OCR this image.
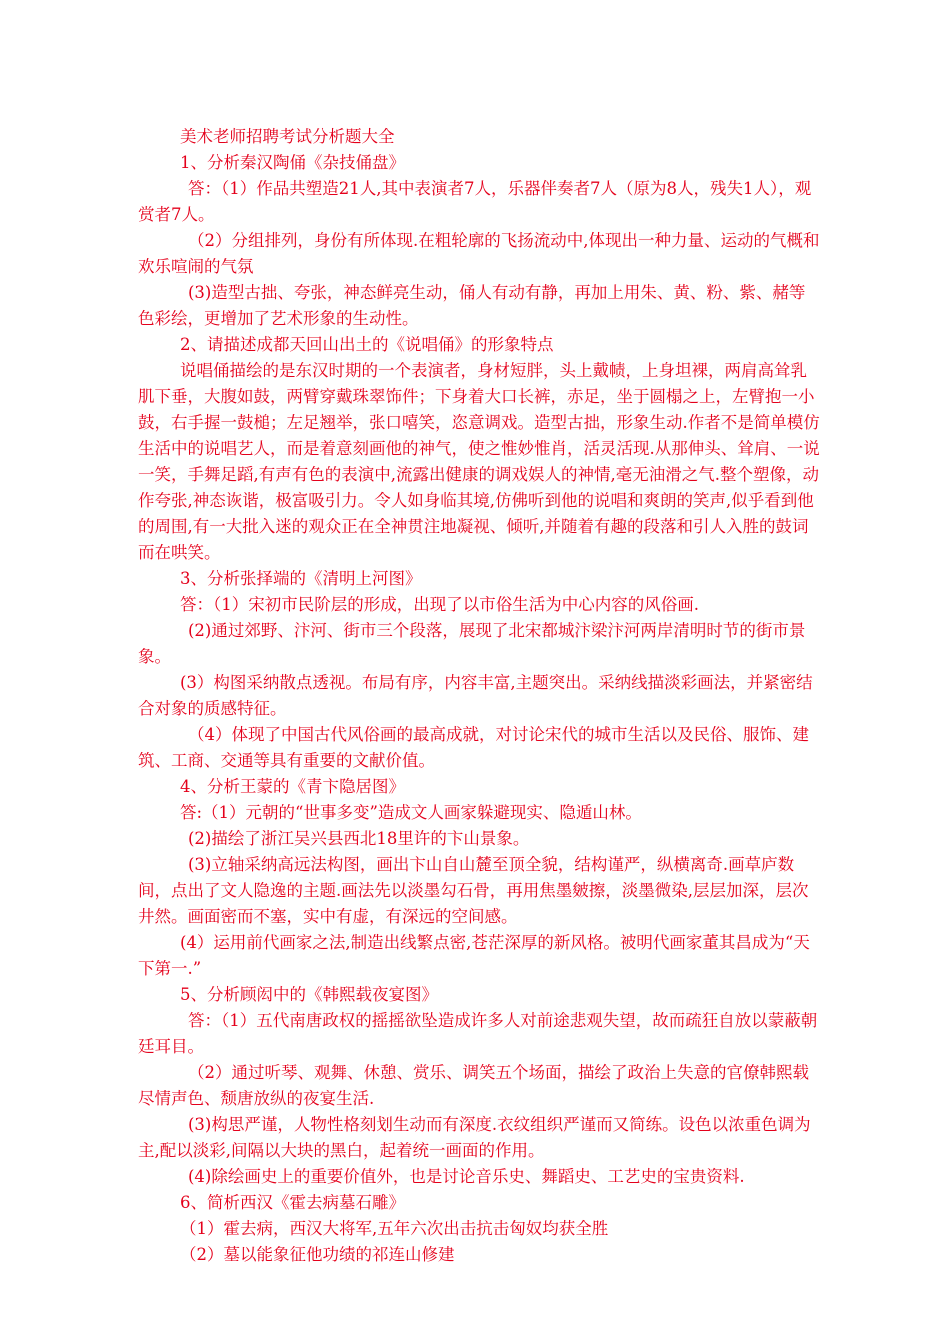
美术老师招聘考试分析题大全

1、分析秦汉陶俑《杂技俑盘》

答：（1）作品共塑造21人,其中表演者7人，乐器伴奏者7人（原为8人，残失1人），观赏者7人。

（2）分组排列，身份有所体现.在粗轮廓的飞扬流动中,体现出一种力量、运动的气概和欢乐喧闹的气氛

(3)造型古拙、夸张，神态鲜亮生动，俑人有动有静，再加上用朱、黄、粉、紫、赭等色彩绘，更增加了艺术形象的生动性。

2、请描述成都天回山出土的《说唱俑》的形象特点

说唱俑描绘的是东汉时期的一个表演者，身材短胖，头上戴帻，上身坦裸，两肩高耸乳肌下垂，大腹如鼓，两臂穿戴珠翠饰件；下身着大口长裤，赤足，坐于圆榻之上，左臂抱一小鼓，右手握一鼓槌；左足翘举，张口嘻笑，恣意调戏。造型古拙，形象生动.作者不是简单模仿生活中的说唱艺人，而是着意刻画他的神气，使之惟妙惟肖，活灵活现.从那伸头、耸肩、一说一笑，手舞足蹈,有声有色的表演中,流露出健康的调戏娱人的神情,毫无油滑之气.整个塑像，动作夸张,神态诙谐，极富吸引力。令人如身临其境,仿佛听到他的说唱和爽朗的笑声,似乎看到他的周围,有一大批入迷的观众正在全神贯注地凝视、倾听,并随着有趣的段落和引人入胜的鼓词而在哄笑。

3、分析张择端的《清明上河图》

答：（1）宋初市民阶层的形成，出现了以市俗生活为中心内容的风俗画.

(2)通过郊野、汴河、街市三个段落，展现了北宋都城汴梁汴河两岸清明时节的街市景象。

(3）构图采纳散点透视。布局有序，内容丰富,主题突出。采纳线描淡彩画法，并紧密结合对象的质感特征。

（4）体现了中国古代风俗画的最高成就，对讨论宋代的城市生活以及民俗、服饰、建筑、工商、交通等具有重要的文献价值。

4、分析王蒙的《青卞隐居图》

答:（1）元朝的“世事多变”造成文人画家躲避现实、隐遁山林。

(2)描绘了浙江吴兴县西北18里许的卞山景象。

(3)立轴采纳高远法构图，画出卞山自山麓至顶全貌，结构谨严，纵横离奇.画草庐数间，点出了文人隐逸的主题.画法先以淡墨勾石骨，再用焦墨皴擦，淡墨微染,层层加深，层次井然。画面密而不塞，实中有虚，有深远的空间感。

(4）运用前代画家之法,制造出线繁点密,苍茫深厚的新风格。被明代画家董其昌成为“天下第一.”

5、分析顾闳中的《韩熙载夜宴图》

答：（1）五代南唐政权的摇摇欲坠造成许多人对前途悲观失望，故而疏狂自放以蒙蔽朝廷耳目。

（2）通过听琴、观舞、休憩、赏乐、调笑五个场面，描绘了政治上失意的官僚韩熙载尽情声色、颓唐放纵的夜宴生活.

(3)构思严谨，人物性格刻划生动而有深度.衣纹组织严谨而又简练。设色以浓重色调为主,配以淡彩,间隔以大块的黑白，起着统一画面的作用。

(4)除绘画史上的重要价值外，也是讨论音乐史、舞蹈史、工艺史的宝贵资料.

6、简析西汉《霍去病墓石雕》

（1）霍去病，西汉大将军,五年六次出击抗击匈奴均获全胜

（2）墓以能象征他功绩的祁连山修建
